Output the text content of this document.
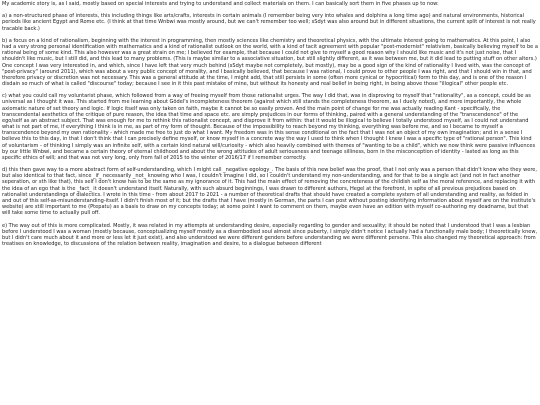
My academic story is, as I said, mostly based on special interests and trying to understand and collect materials on them. I can basically sort them in five phases up to now:

a) a non-structured phase of interests, this including things like arts/crafts, interests in certain animals (I remember being very into whales and dolphins a long time ago) and natural environments, historical periods like ancient Egypt and Rome etc. (I think at that time Wnbwi was mostly around, but we can't remember too well; sSdyt was also around but in different situations, the current split of interest is not really tracable back.)

b) a focus on a kind of rationalism, beginning with the interest in programming, then mostly sciences like chemistry and theoretical physics, with the ultimate interest going to mathematics. At this point, I also had a very strong personal identification with mathematics and a kind of rationalist outlook on the world, with a kind of tacit agreement with popular "post-modernist" relativism, basically believing myself to be a rational being of some kind. This also however was a great strain on me; I believed for example, that because I could not give to myself a good reason why I should like music and it's not just noise, that I shouldn't like music, but I still did, and this lead to many problems. (This is maybe similar to a associative situation, but still slightly different, as it was between me, but it did lead to putting stuff on other alters.) One concept I was very interested in, and which, since I have left that very much behind (sSdyt maybe not completely, but mostly), may be a good sign of the kind of rationality I lived with, was the concept of "post-privacy" (around 2011), which was about a very public concept of morality, and I basically believed, that because I was rational, I could prove to other people I was right, and that I should win in that, and therefore privacy or discretion was not necessary. This was a general attitude at the time, I might add, that still persists in some (often more cynical or hypocritical) form to this day, and is one of the reason I disdain so much of what is called "discourse" today; because I see in it this past mistake of mine, but without its honesty and real belief in being right, in being above those "illogical" other people etc.

c) what you could call my voluntarist phase, which followed from a way of freeing myself from those rationalist urges. The way I did that, was in disproving to myself that "rationality", as a concept, could be as universal as I thought it was. This started from me learning about Gödel's incompleteness theorem (against which still stands the completeness theorem, as I duely noted), and more importantly, the whole axiomatic nature of set theory and logic. If logic itself was only taken on faith, maybe it cannot be so easily proven. And the main point of change for me was actually reading Kant - specifically, the transcendental aesthetics of the critique of pure reason, the idea that time and space etc. are simply prejudices in our forms of thinking, paired with a general understanding of the "transcendence" of the ego/self as an abstract subject. That was enough for me to rethink this rationalist concept, and disprove it from within: that it would be illogical to believe I totally understood myself, as I could not understand what is not part of me, if everything I think is in me, as part of my form of thought. Because of the impossibility to reach beyond my thinking, everything was before me, and so I became to myself a transcendence beyond my own rationality - which made me free to just do what I want. My freedom was in this sense conditional on the fact that I was not an object of my own imagination; and in a sense I believe this to this day, in that I don't think that I can precisely define myself, or know myself in a concrete way the way I used to think when I thought I knew I was a specific type of "rational person". This kind of voluntarism - of thinking I simply was an infinite self, with a certain kind natural will/curiosity - which also heavily combined with themes of "wanting to be a child", which we now think were passive influences by our little Wnbwi, and became a certain theory of eternal childhood and about the wrong attitudes of adult seriousness and teenage silliness, born in the misconception of identity - lasted as long as this specific ethics of will; and that was not very long, only from fall of 2015 to the winter of 2016/17 if I remember correctly.

d) this then gave way to a more abstract form of self-understanding, which I might call _negative egology_. The basis of this new belief was the proof, that I not only was a person that didn't know who they were, but also identical to that fact, since _if_ necessarily _not_ knowing who I was, I couldn't imagine I did, so I couldn't understand my non-understanding, and for that to be a single act (and not in fact another seperation, or sth like that), this self I don't know has to be the same as my ignorance of it. This had the main effect of removing the concreteness of the childish self as the moral reference, and replacing it with the idea of an ego that is the _fact_ it doesn't understand itself. Naturally, with such absurd beginnings, I was drawn to different authors, Hegel at the forefront, in spite of all previous prejudices based on rationalist understandings of dialectics. I wrote in this time - from about 2017 to 2021 - a number of theoretical drafts that should have created a complete system of all understanding and reality, as folded in and out of this self-as-misunderstanding-itself. I didn't finish most of it; but the drafts that I have (mostly in German, the parts I can post without posting identifying information about myself are on the institute's website) are still important to me (Ptepatu) as a basis to draw on my concepts today; at some point I want to comment on them, maybe even have an edition with myself co-authoring my deadname, but that will take some time to actually pull off.

e) The way out of this is more complicated. Mostly, it was related in my attempts at understanding desire, especially regarding to gender and sexuality; it should be noted that I understood that I was a lesbian before I understood I was a woman (mostly because, conceptualizing myself mostly as a disembodied soul almost since puberty, I simply didn't notice I actually had a functionally male body; I theoretically knew, but I didn't care much about it and more or less let it just exist), and also understood we were different genders before understanding we were different persons. This also changed my theoretical approach: from treatises on knowledge, to discussions of the relation between reality, imagination and desire, to a dialogue between different
